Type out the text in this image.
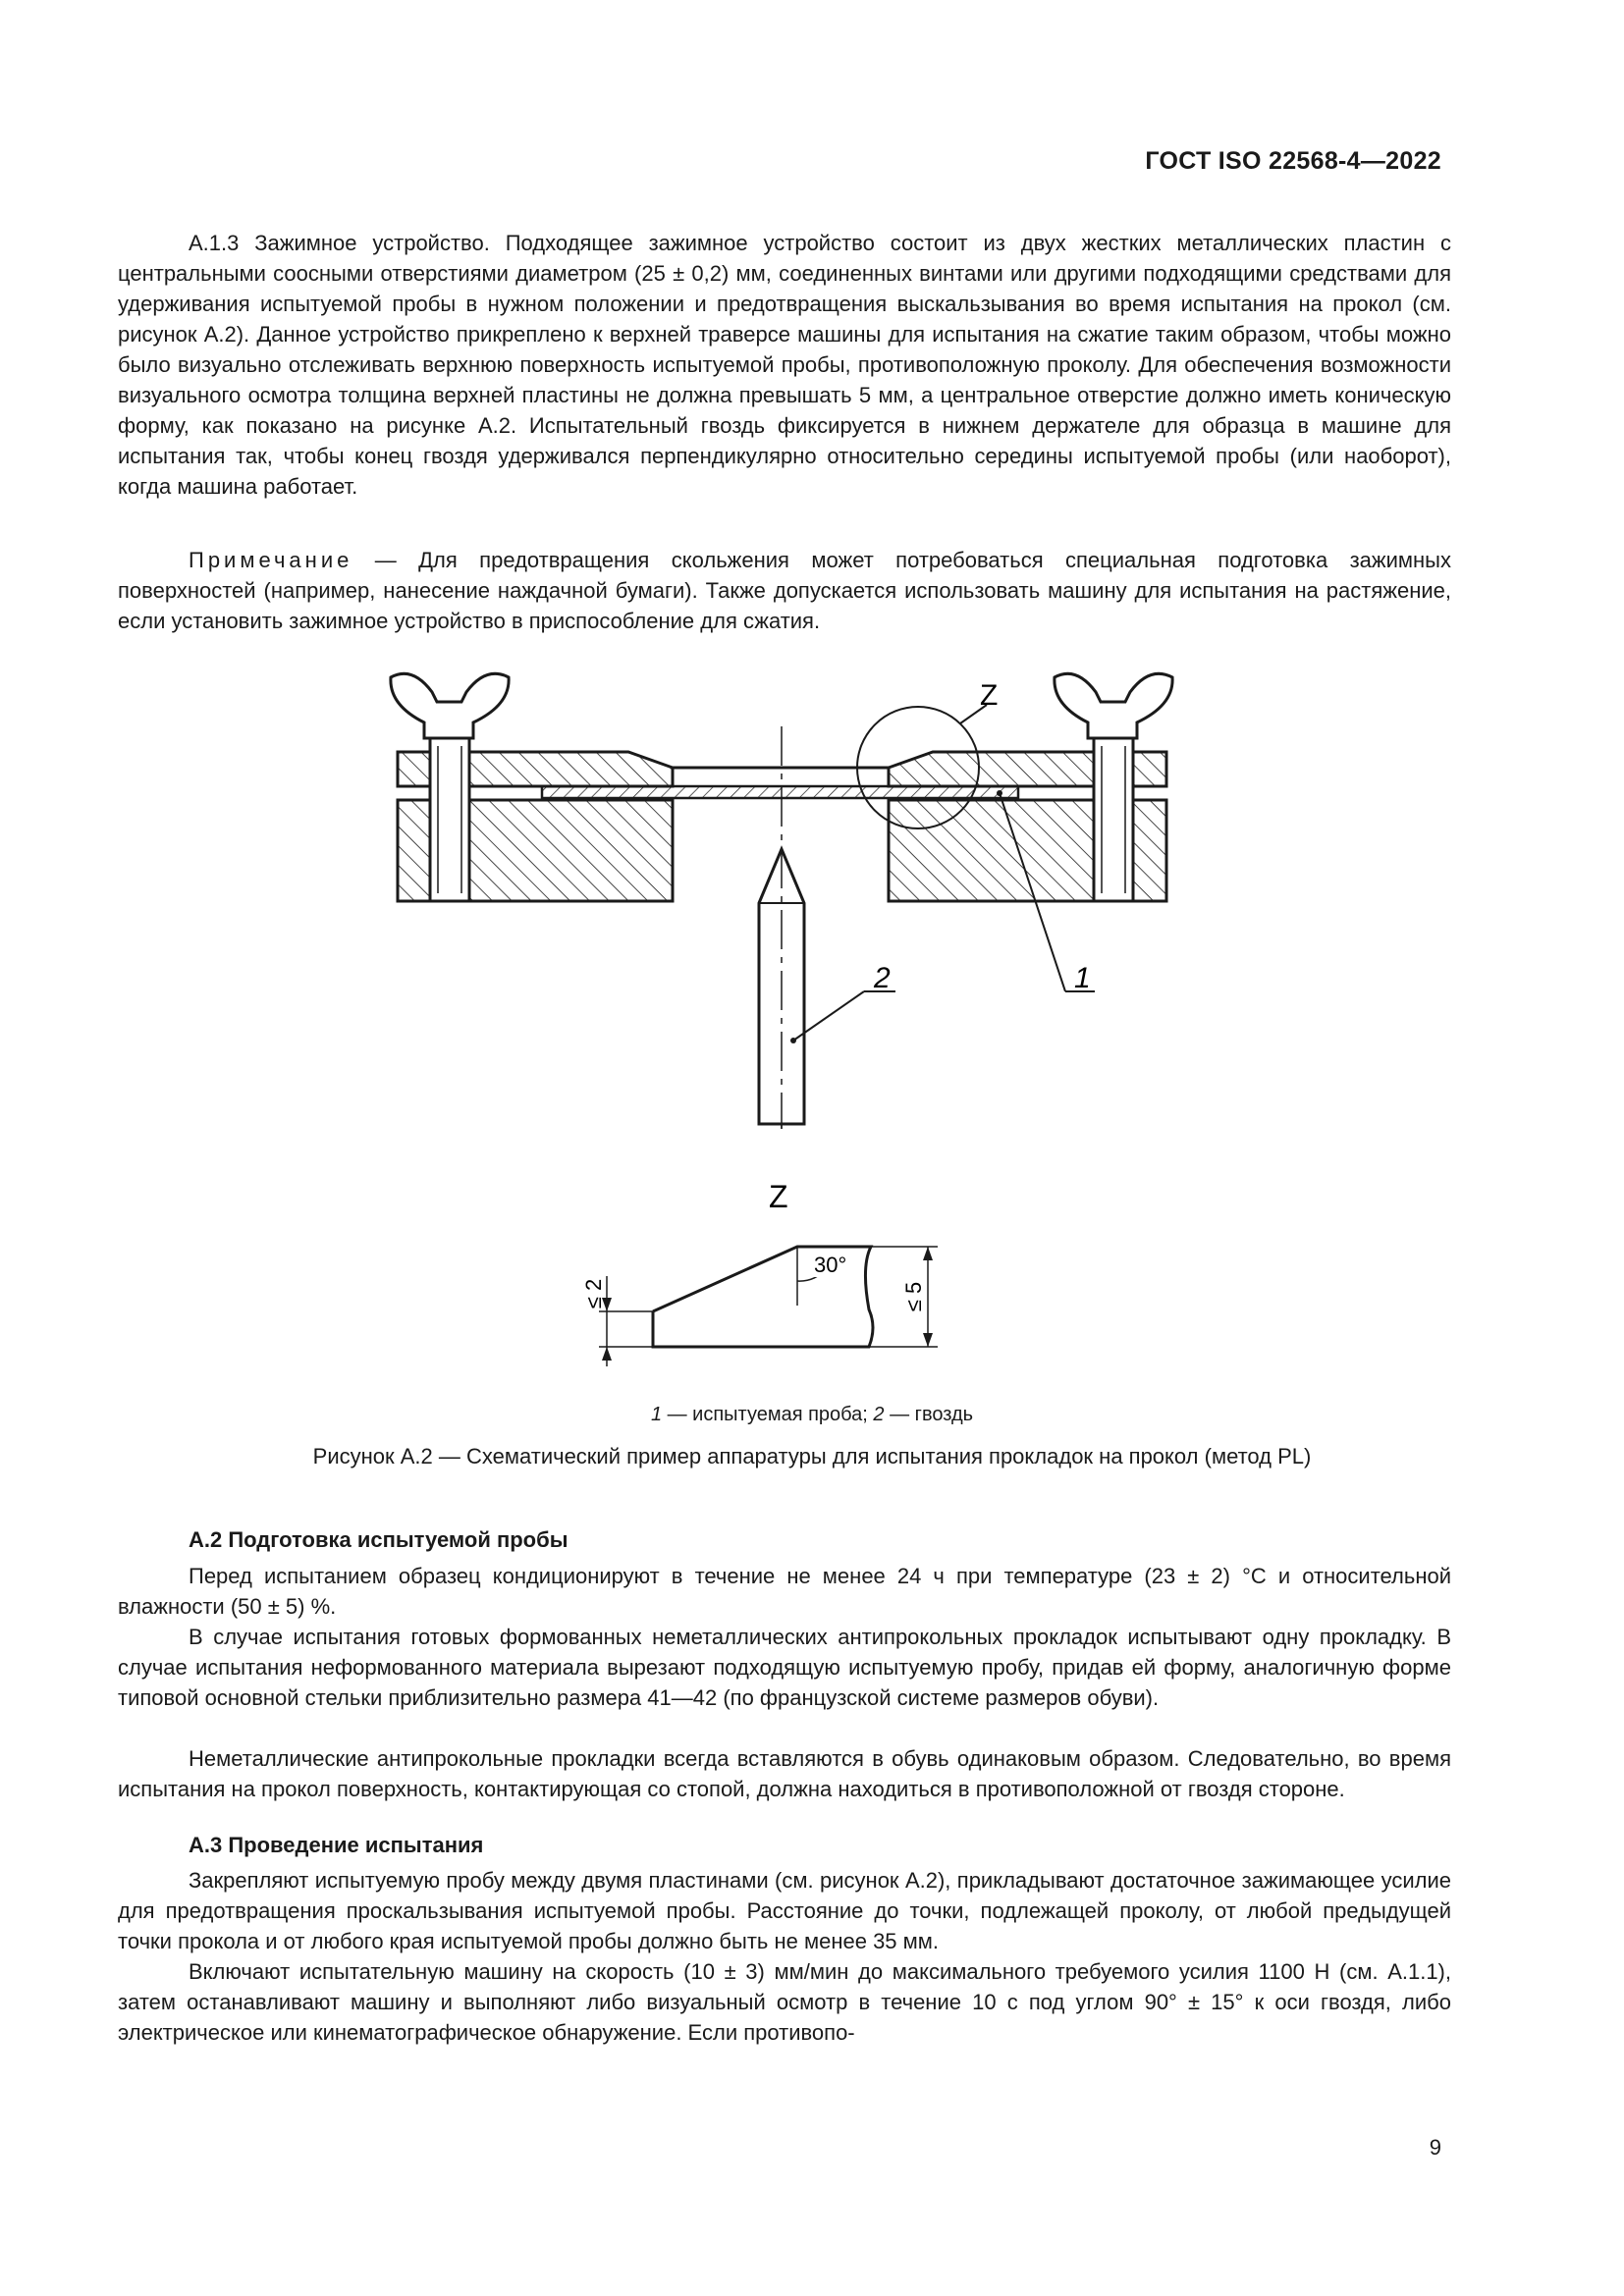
ГОСТ ISO 22568-4—2022

А.1.3 Зажимное устройство. Подходящее зажимное устройство состоит из двух жестких металлических пластин с центральными соосными отверстиями диаметром (25 ± 0,2) мм, соединенных винтами или другими подходящими средствами для удерживания испытуемой пробы в нужном положении и предотвращения выскальзывания во время испытания на прокол (см. рисунок А.2). Данное устройство прикреплено к верхней траверсе машины для испытания на сжатие таким образом, чтобы можно было визуально отслеживать верхнюю поверхность испытуемой пробы, противоположную проколу. Для обеспечения возможности визуального осмотра толщина верхней пластины не должна превышать 5 мм, а центральное отверстие должно иметь коническую форму, как показано на рисунке А.2. Испытательный гвоздь фиксируется в нижнем держателе для образца в машине для испытания так, чтобы конец гвоздя удерживался перпендикулярно относительно середины испытуемой пробы (или наоборот), когда машина работает.

Примечание — Для предотвращения скольжения может потребоваться специальная подготовка зажимных поверхностей (например, нанесение наждачной бумаги). Также допускается использовать машину для испытания на растяжение, если установить зажимное устройство в приспособление для сжатия.

Z
1
2
Z
30°
≤ 2	≤ 5
1 — испытуемая проба; 2 — гвоздь
Рисунок А.2 — Схематический пример аппаратуры для испытания прокладок на прокол (метод PL)

А.2 Подготовка испытуемой пробы

Перед испытанием образец кондиционируют в течение не менее 24 ч при температуре (23 ± 2) °С и относительной влажности (50 ± 5) %.

В случае испытания готовых формованных неметаллических антипрокольных прокладок испытывают одну прокладку. В случае испытания неформованного материала вырезают подходящую испытуемую пробу, придав ей форму, аналогичную форме типовой основной стельки приблизительно размера 41—42 (по французской системе размеров обуви).

Неметаллические антипрокольные прокладки всегда вставляются в обувь одинаковым образом. Следовательно, во время испытания на прокол поверхность, контактирующая со стопой, должна находиться в противоположной от гвоздя стороне.

А.3 Проведение испытания

Закрепляют испытуемую пробу между двумя пластинами (см. рисунок А.2), прикладывают достаточное зажимающее усилие для предотвращения проскальзывания испытуемой пробы. Расстояние до точки, подлежащей проколу, от любой предыдущей точки прокола и от любого края испытуемой пробы должно быть не менее 35 мм.

Включают испытательную машину на скорость (10 ± 3) мм/мин до максимального требуемого усилия 1100 Н (см. А.1.1), затем останавливают машину и выполняют либо визуальный осмотр в течение 10 с под углом 90° ± 15° к оси гвоздя, либо электрическое или кинематографическое обнаружение. Если противопо-

9
